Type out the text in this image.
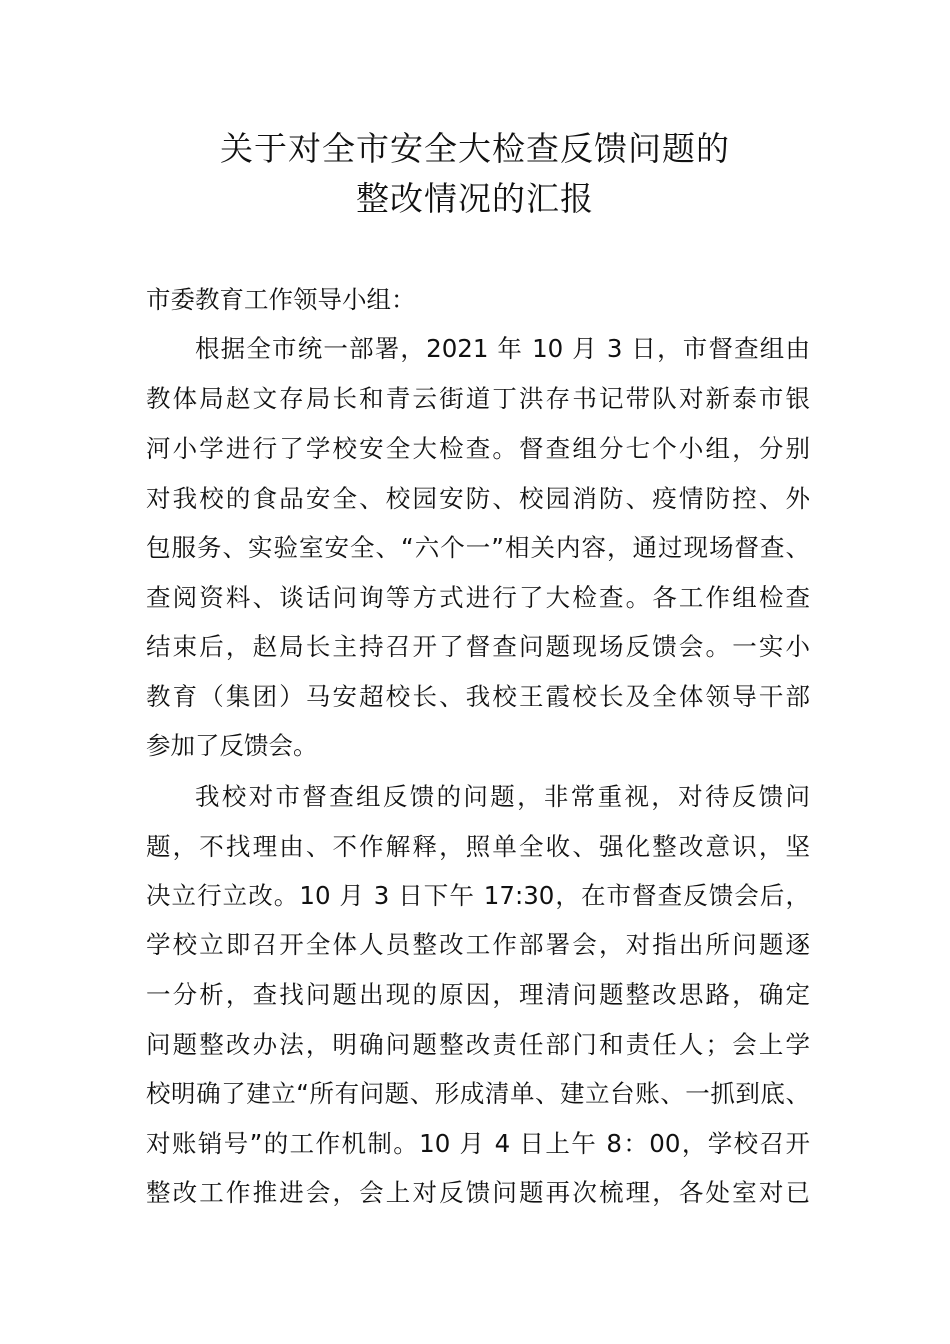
关于对全市安全大检查反馈问题的
整改情况的汇报

市委教育工作领导小组：

根据全市统一部署，2021 年 10 月 3 日，市督查组由

教体局赵文存局长和青云街道丁洪存书记带队对新泰市银

河小学进行了学校安全大检查。督查组分七个小组，分别

对我校的食品安全、校园安防、校园消防、疫情防控、外

包服务、实验室安全、“六个一”相关内容，通过现场督查、

查阅资料、谈话问询等方式进行了大检查。各工作组检查

结束后，赵局长主持召开了督查问题现场反馈会。一实小

教育（集团）马安超校长、我校王霞校长及全体领导干部

参加了反馈会。

我校对市督查组反馈的问题，非常重视，对待反馈问

题，不找理由、不作解释，照单全收、强化整改意识，坚

决立行立改。10 月 3 日下午 17:30，在市督查反馈会后，

学校立即召开全体人员整改工作部署会，对指出所问题逐

一分析，查找问题出现的原因，理清问题整改思路，确定

问题整改办法，明确问题整改责任部门和责任人；会上学

校明确了建立“所有问题、形成清单、建立台账、一抓到底、

对账销号”的工作机制。10 月 4 日上午 8：00，学校召开

整改工作推进会，会上对反馈问题再次梳理，各处室对已
